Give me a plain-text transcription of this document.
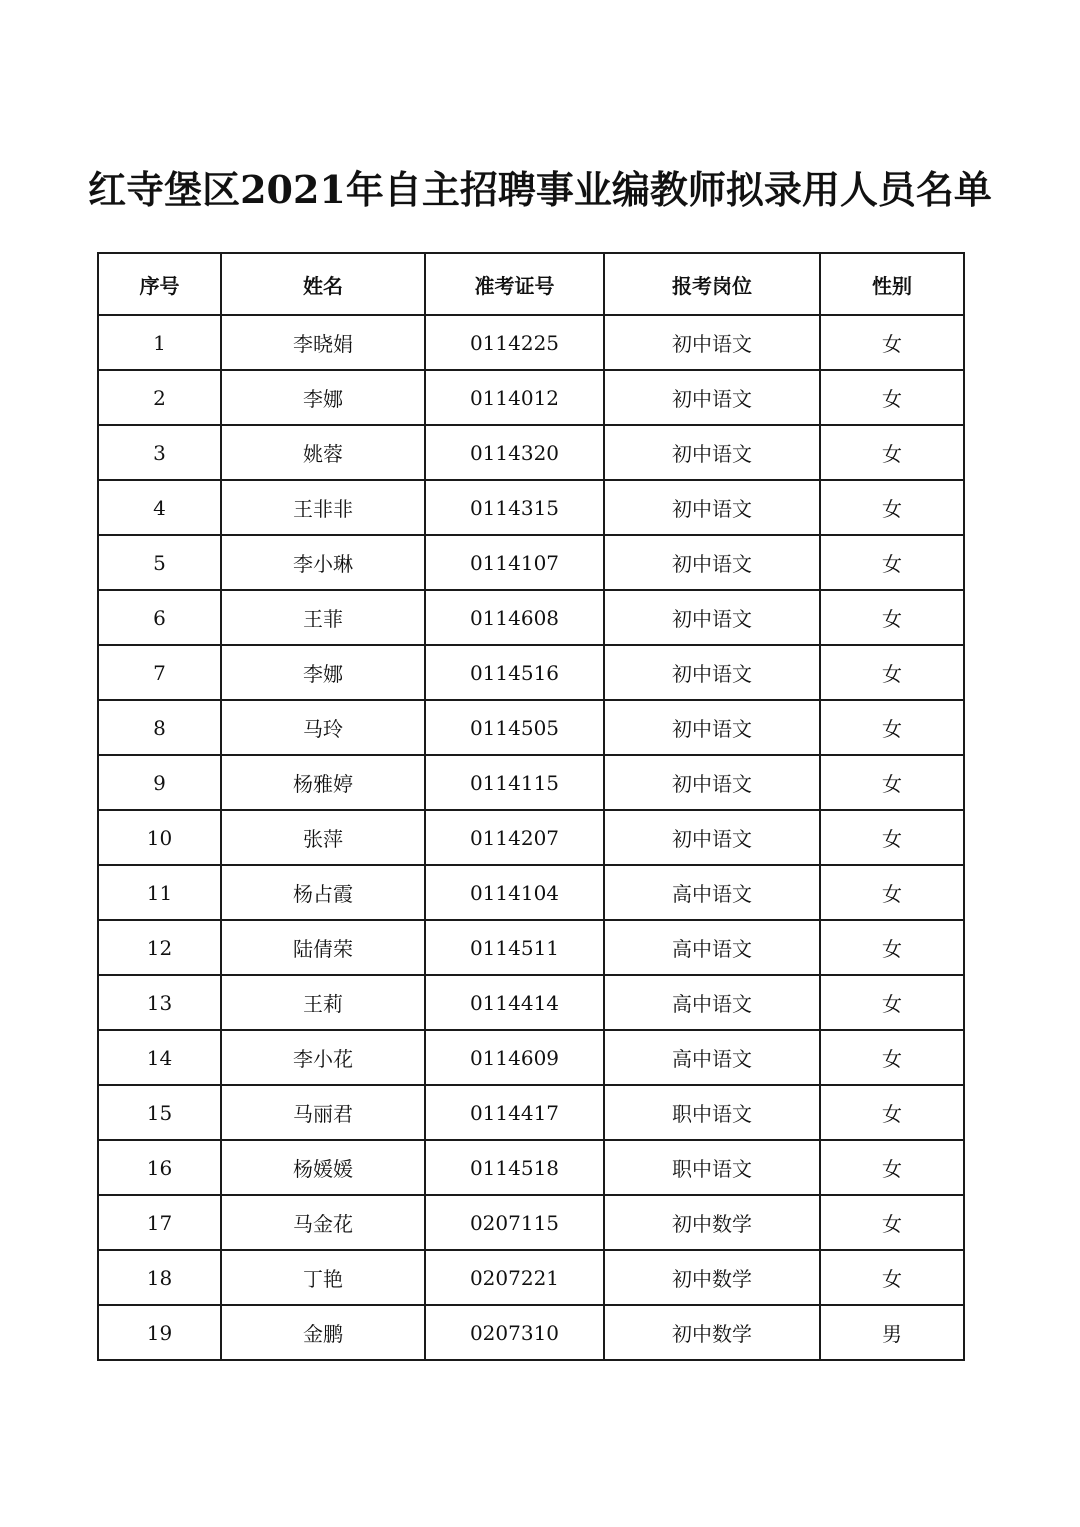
红寺堡区2021年自主招聘事业编教师拟录用人员名单
序号	姓名	准考证号	报考岗位	性别
1	李晓娟	0114225	初中语文	女
2	李娜	0114012	初中语文	女
3	姚蓉	0114320	初中语文	女
4	王非非	0114315	初中语文	女
5	李小琳	0114107	初中语文	女
6	王菲	0114608	初中语文	女
7	李娜	0114516	初中语文	女
8	马玲	0114505	初中语文	女
9	杨雅婷	0114115	初中语文	女
10	张萍	0114207	初中语文	女
11	杨占霞	0114104	高中语文	女
12	陆倩荣	0114511	高中语文	女
13	王莉	0114414	高中语文	女
14	李小花	0114609	高中语文	女
15	马丽君	0114417	职中语文	女
16	杨媛媛	0114518	职中语文	女
17	马金花	0207115	初中数学	女
18	丁艳	0207221	初中数学	女
19	金鹏	0207310	初中数学	男
